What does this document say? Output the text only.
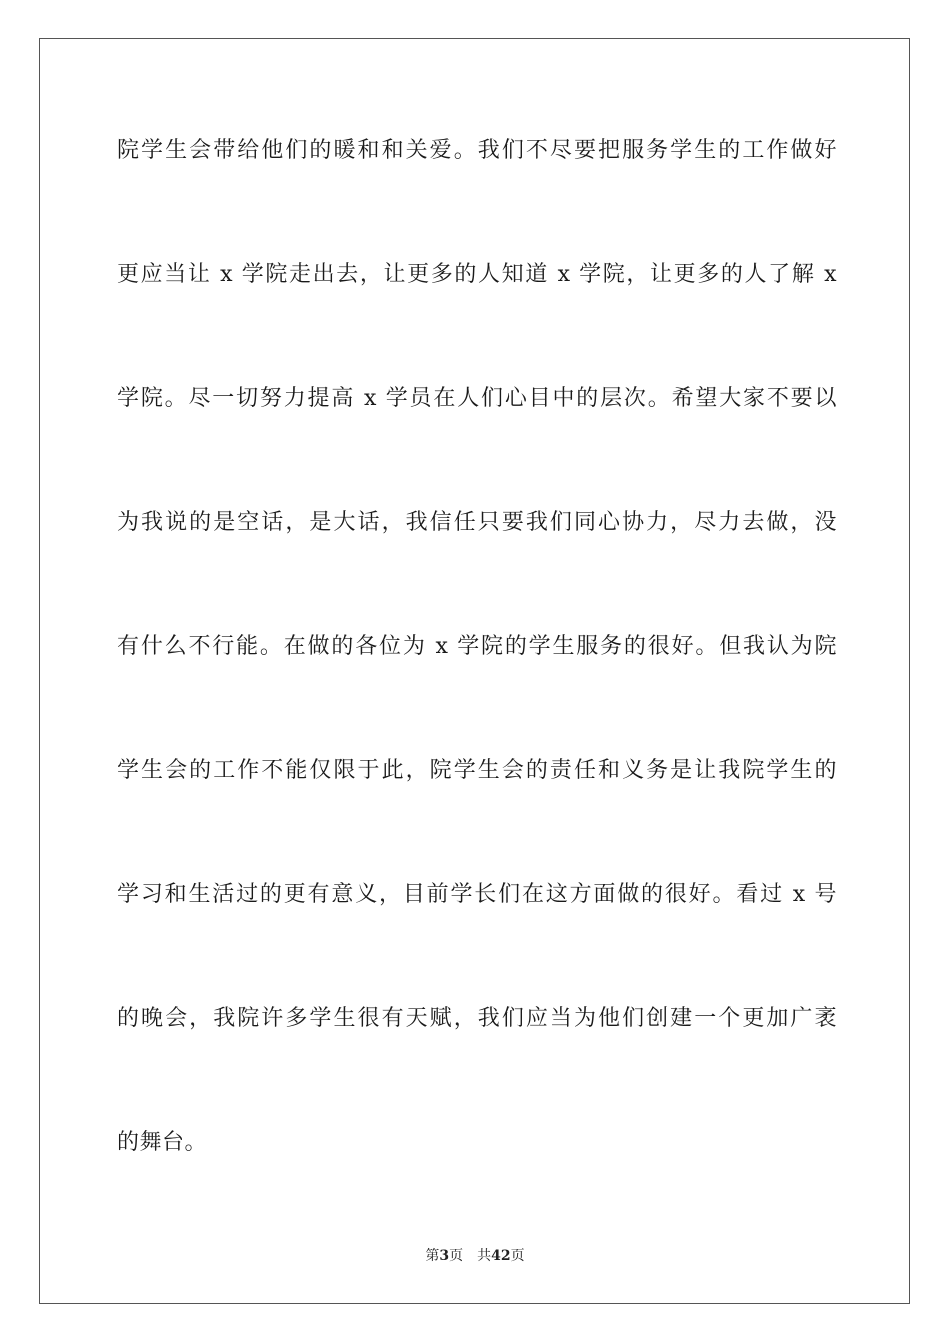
院学生会带给他们的暖和和关爱。我们不尽要把服务学生的工作做好
更应当让 x 学院走出去，让更多的人知道 x 学院，让更多的人了解 x
学院。尽一切努力提高 x 学员在人们心目中的层次。希望大家不要以
为我说的是空话，是大话，我信任只要我们同心协力，尽力去做，没
有什么不行能。在做的各位为 x 学院的学生服务的很好。但我认为院
学生会的工作不能仅限于此，院学生会的责任和义务是让我院学生的
学习和生活过的更有意义，目前学长们在这方面做的很好。看过 x 号
的晚会，我院许多学生很有天赋，我们应当为他们创建一个更加广袤
的舞台。
第3页 共42页
